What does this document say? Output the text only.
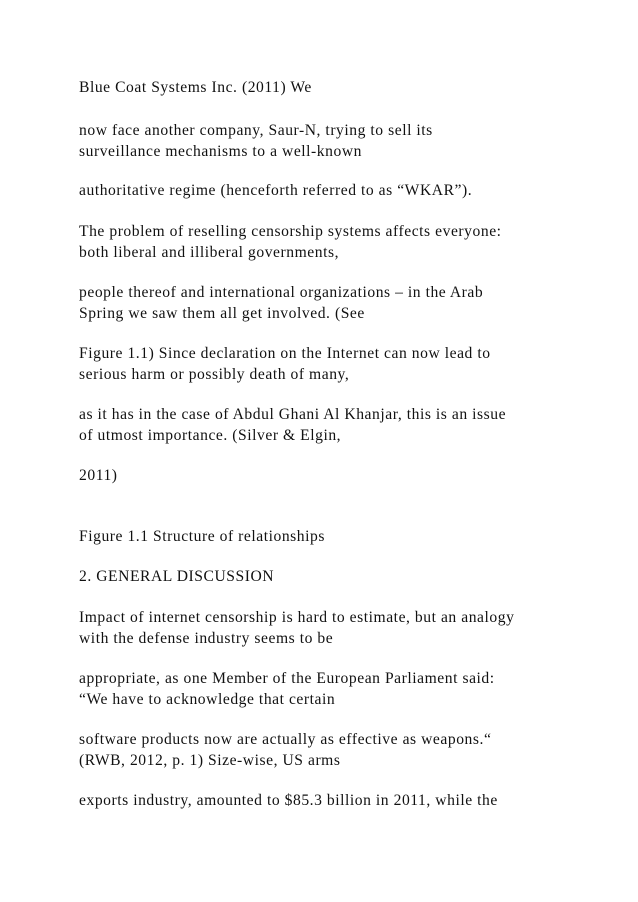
Blue Coat Systems Inc. (2011) We
now face another company, Saur-N, trying to sell its
surveillance mechanisms to a well-known
authoritative regime (henceforth referred to as “WKAR”).
The problem of reselling censorship systems affects everyone:
both liberal and illiberal governments,
people thereof and international organizations – in the Arab
Spring we saw them all get involved. (See
Figure 1.1) Since declaration on the Internet can now lead to
serious harm or possibly death of many,
as it has in the case of Abdul Ghani Al Khanjar, this is an issue
of utmost importance. (Silver & Elgin,
2011)
Figure 1.1 Structure of relationships
2. GENERAL DISCUSSION
Impact of internet censorship is hard to estimate, but an analogy
with the defense industry seems to be
appropriate, as one Member of the European Parliament said:
“We have to acknowledge that certain
software products now are actually as effective as weapons.“
(RWB, 2012, p. 1) Size-wise, US arms
exports industry, amounted to $85.3 billion in 2011, while the
